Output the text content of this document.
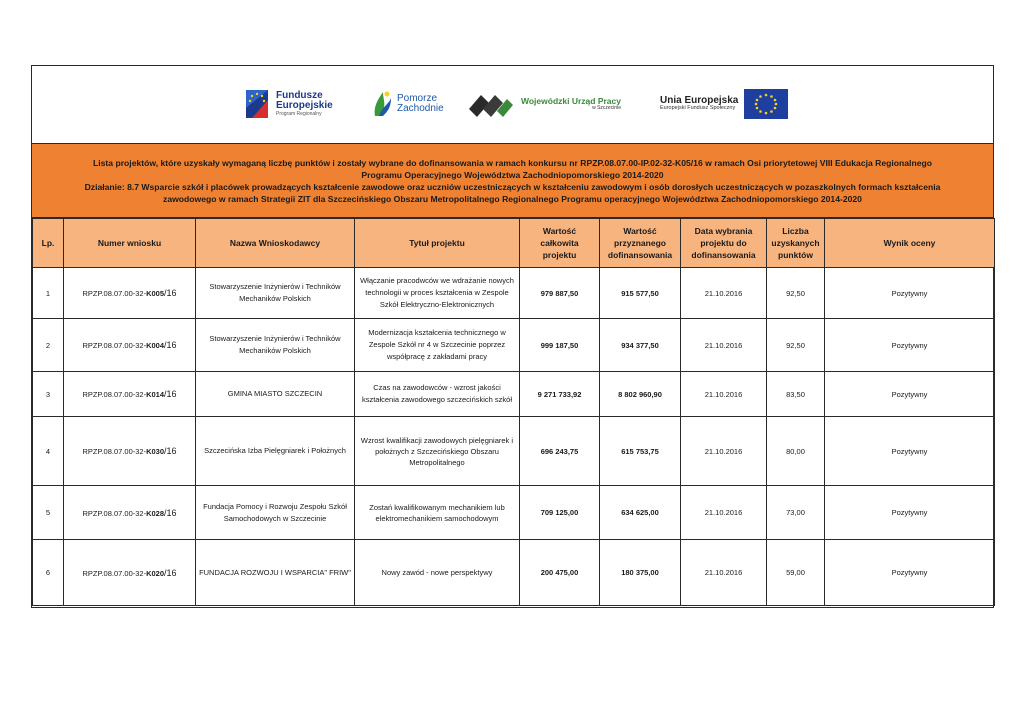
Fundusze
Europejskie
Program Regionalny
Pomorze
Zachodnie
Wojewódzki Urząd Pracy
w Szczecinie
Unia Europejska
Europejski Fundusz Społeczny

Lista projektów, które uzyskały wymaganą liczbę punktów i zostały wybrane do dofinansowania w ramach konkursu nr RPZP.08.07.00-IP.02-32-K05/16 w ramach Osi priorytetowej VIII Edukacja Regionalnego

Programu Operacyjnego Województwa Zachodniopomorskiego 2014-2020

Działanie: 8.7 Wsparcie szkół i placówek prowadzących kształcenie zawodowe oraz uczniów uczestniczących w kształceniu zawodowym i osób dorosłych uczestniczących w pozaszkolnych formach kształcenia

zawodowego w ramach Strategii ZIT dla Szczecińskiego Obszaru Metropolitalnego Regionalnego Programu operacyjnego Województwa Zachodniopomorskiego 2014-2020

Lp.	Numer wniosku	Nazwa Wnioskodawcy	Tytuł projektu	Wartość
całkowita
projektu	Wartość
przyznanego
dofinansowania	Data wybrania
projektu do
dofinansowania	Liczba
uzyskanych
punktów	Wynik oceny
1	RPZP.08.07.00-32-K005/16	Stowarzyszenie Inżynierów i Techników Mechaników Polskich	Włączanie pracodwców we wdrażanie nowych technologii w proces kształcenia w Zespole Szkół Elektryczno-Elektronicznych	979 887,50	915 577,50	21.10.2016	92,50	Pozytywny
2	RPZP.08.07.00-32-K004/16	Stowarzyszenie Inżynierów i Techników Mechaników Polskich	Modernizacja kształcenia technicznego w Zespole Szkół nr 4 w Szczecinie poprzez współpracę z zakładami pracy	999 187,50	934 377,50	21.10.2016	92,50	Pozytywny
3	RPZP.08.07.00-32-K014/16	GMINA MIASTO SZCZECIN	Czas na zawodowców - wzrost jakości kształcenia zawodowego szczecińskich szkół	9 271 733,92	8 802 960,90	21.10.2016	83,50	Pozytywny
4	RPZP.08.07.00-32-K030/16	Szczecińska Izba Pielęgniarek i Położnych	Wzrost kwalifikacji zawodowych pielęgniarek i położnych z Szczecińskiego Obszaru Metropolitalnego	696 243,75	615 753,75	21.10.2016	80,00	Pozytywny
5	RPZP.08.07.00-32-K028/16	Fundacja Pomocy i Rozwoju Zespołu Szkół Samochodowych w Szczecinie	Zostań kwalifikowanym mechanikiem lub elektromechanikiem samochodowym	709 125,00	634 625,00	21.10.2016	73,00	Pozytywny
6	RPZP.08.07.00-32-K020/16	FUNDACJA ROZWOJU I WSPARCIA" FRIW"	Nowy zawód - nowe perspektywy	200 475,00	180 375,00	21.10.2016	59,00	Pozytywny
